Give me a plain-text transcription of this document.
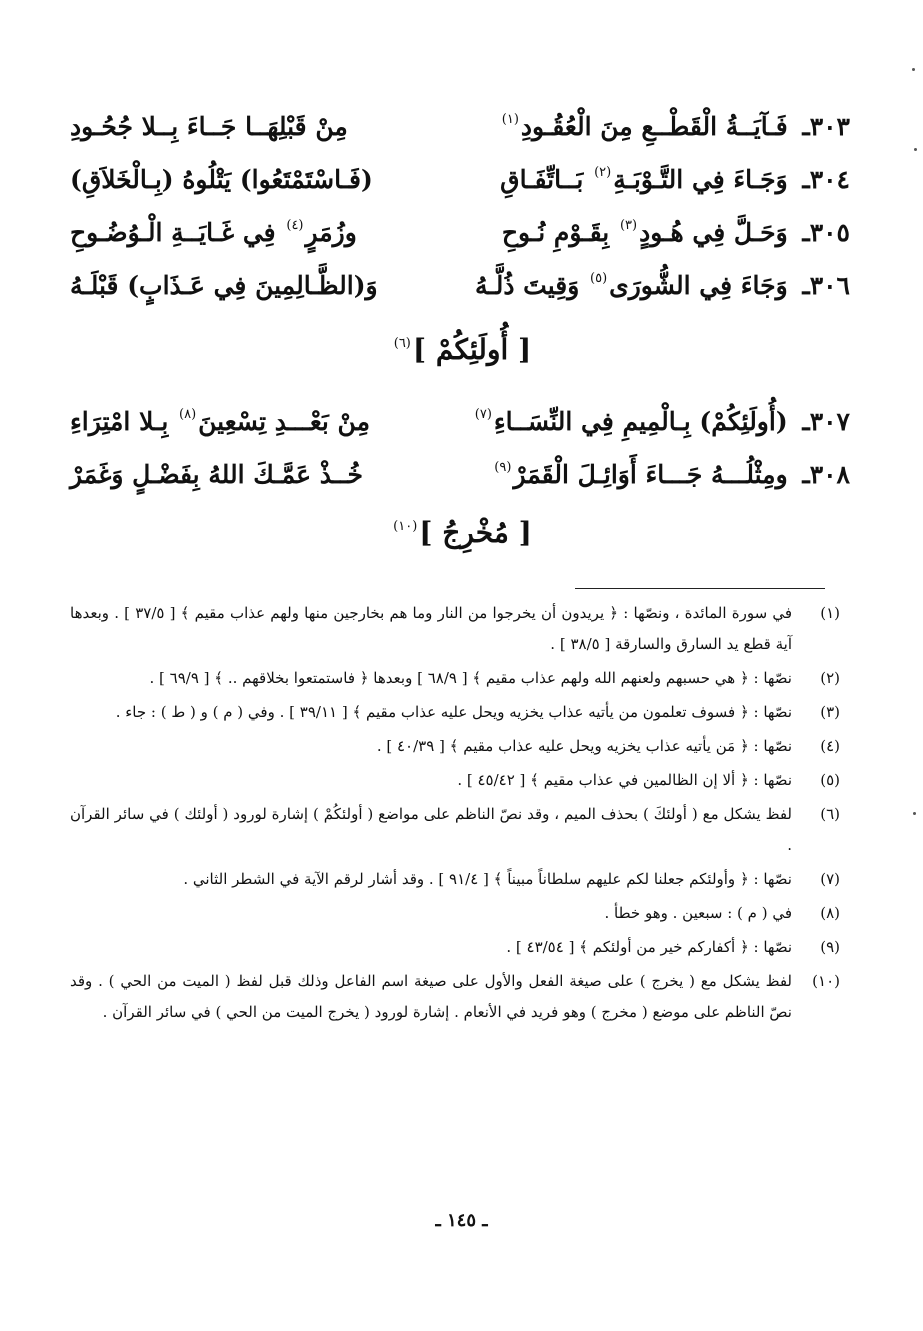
٣٠٣ـ فَـآيَــةُ الْقَطْــعِ مِنَ الْعُقُـودِ$^{(١)}$
مِنْ قَبْلِهَــا جَــاءَ بِــلا جُحُـودِ
٣٠٤ـ وَجَـاءَ فِي التَّـوْبَـةِ$^{(٢)}$ بَــاتِّفَـاقِ
(فَـاسْتَمْتَعُوا) يَتْلُوهُ (بِـالْخَلاَقِ)
٣٠٥ـ وَحَـلَّ فِي هُـودٍ$^{(٣)}$ بِقَـوْمِ نُـوحِ
وزُمَرٍ$^{(٤)}$ فِي غَـايَــةِ الْـوُضُـوحِ
٣٠٦ـ وَجَاءَ فِي الشُّورَى$^{(٥)}$ وَقِيتَ ذُلَّـهُ
وَ(الظَّـالِمِينَ فِي عَـذَابٍ) قَبْلَـهُ
[ أُولَئِكُمْ ]$^{(٦)}$
٣٠٧ـ (أُولَئِكُمْ) بِـالْمِيمِ فِي النِّسَــاءِ$^{(٧)}$
مِنْ بَعْـــدِ تِسْعِينَ$^{(٨)}$ بِـلا امْتِرَاءِ
٣٠٨ـ ومِثْلُـــهُ جَـــاءَ أَوَائِـلَ الْقَمَرْ$^{(٩)}$
خُــذْ عَمَّـكَ اللهُ بِفَضْـلٍ وَغَمَرْ
[ مُخْرِجُ ]$^{(١٠)}$
(١)
في سورة المائدة ، ونصّها : ﴿ يريدون أن يخرجوا من النار وما هم بخارجين منها ولهم عذاب مقيم ﴾ [ ٣٧/٥ ] . وبعدها آية قطع يد السارق والسارقة [ ٣٨/٥ ] .
(٢)
نصّها : ﴿ هي حسبهم ولعنهم الله ولهم عذاب مقيم ﴾ [ ٦٨/٩ ] وبعدها ﴿ فاستمتعوا بخلاقهم .. ﴾ [ ٦٩/٩ ] .
(٣)
نصّها : ﴿ فسوف تعلمون من يأتيه عذاب يخزيه ويحل عليه عذاب مقيم ﴾ [ ٣٩/١١ ] . وفي ( م ) و ( ط ) : جاء .
(٤)
نصّها : ﴿ مَن يأتيه عذاب يخزيه ويحل عليه عذاب مقيم ﴾ [ ٤٠/٣٩ ] .
(٥)
نصّها : ﴿ ألا إن الظالمين في عذاب مقيم ﴾ [ ٤٥/٤٢ ] .
(٦)
لفظ يشكل مع ( أولئكَ ) بحذف الميم ، وقد نصّ الناظم على مواضع ( أولئكُمْ ) إشارة لورود ( أولئك ) في سائر القرآن .
(٧)
نصّها : ﴿ وأولئكم جعلنا لكم عليهم سلطاناً مبيناً ﴾ [ ٩١/٤ ] . وقد أشار لرقم الآية في الشطر الثاني .
(٨)
في ( م ) : سبعين . وهو خطأ .
(٩)
نصّها : ﴿ أكفاركم خير من أولئكم ﴾ [ ٤٣/٥٤ ] .
(١٠)
لفظ يشكل مع ( يخرج ) على صيغة الفعل والأول على صيغة اسم الفاعل وذلك قبل لفظ ( الميت من الحي ) . وقد نصّ الناظم على موضع ( مخرج ) وهو فريد في الأنعام . إشارة لورود ( يخرج الميت من الحي ) في سائر القرآن .
ـ ١٤٥ ـ
